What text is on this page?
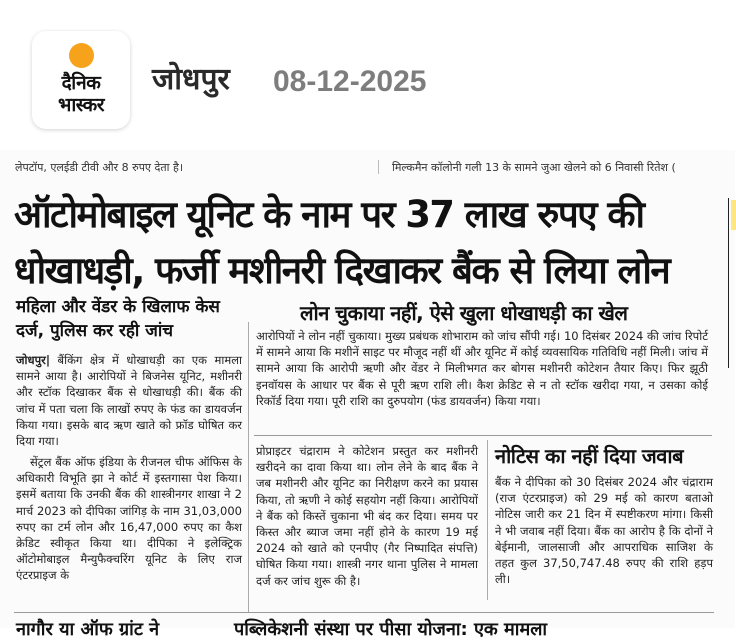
दैनिक
भास्कर
जोधपुर 08-12-2025
लेपटॉप, एलईडी टीवी और 8 रुपए देता है।	मिल्कमैन कॉलोनी गली 13 के सामने जुआ खेलने को 6 निवासी रितेश (
ऑटोमोबाइल यूनिट के नाम पर 37 लाख रुपए की
धोखाधड़ी, फर्जी मशीनरी दिखाकर बैंक से लिया लोन
महिला और वेंडर के खिलाफ केस दर्ज, पुलिस कर रही जांच
लोन चुकाया नहीं, ऐसे खुला धोखाधड़ी का खेल
जोधपुर| बैंकिंग क्षेत्र में धोखाधड़ी का एक मामला सामने आया है। आरोपियों ने बिजनेस यूनिट, मशीनरी और स्टॉक दिखाकर बैंक से धोखाधड़ी की। बैंक की जांच में पता चला कि लाखों रुपए के फंड का डायवर्जन किया गया। इसके बाद ऋण खाते को फ्रॉड घोषित कर दिया गया।
सेंट्रल बैंक ऑफ इंडिया के रीजनल चीफ ऑफिस के अधिकारी विभूति झा ने कोर्ट में इस्तगासा पेश किया। इसमें बताया कि उनकी बैंक की शास्त्रीनगर शाखा ने 2 मार्च 2023 को दीपिका जांगिड़ के नाम 31,03,000 रुपए का टर्म लोन और 16,47,000 रुपए का कैश क्रेडिट स्वीकृत किया था। दीपिका ने इलेक्ट्रिक ऑटोमोबाइल मैन्युफैक्चरिंग यूनिट के लिए राज एंटरप्राइज के
आरोपियों ने लोन नहीं चुकाया। मुख्य प्रबंधक शोभाराम को जांच सौंपी गई। 10 दिसंबर 2024 की जांच रिपोर्ट में सामने आया कि मशीनें साइट पर मौजूद नहीं थीं और यूनिट में कोई व्यवसायिक गतिविधि नहीं मिली। जांच में सामने आया कि आरोपी ऋणी और वेंडर ने मिलीभगत कर बोगस मशीनरी कोटेशन तैयार किए। फिर झूठी इनवॉयस के आधार पर बैंक से पूरी ऋण राशि ली। कैश क्रेडिट से न तो स्टॉक खरीदा गया, न उसका कोई रिकॉर्ड दिया गया। पूरी राशि का दुरुपयोग (फंड डायवर्जन) किया गया।
प्रोप्राइटर चंद्राराम ने कोटेशन प्रस्तुत कर मशीनरी खरीदने का दावा किया था। लोन लेने के बाद बैंक ने जब मशीनरी और यूनिट का निरीक्षण करने का प्रयास किया, तो ऋणी ने कोई सहयोग नहीं किया। आरोपियों ने बैंक को किस्तें चुकाना भी बंद कर दिया। समय पर किस्त और ब्याज जमा नहीं होने के कारण 19 मई 2024 को खाते को एनपीए (गैर निष्पादित संपत्ति) घोषित किया गया। शास्त्री नगर थाना पुलिस ने मामला दर्ज कर जांच शुरू की है।
नोटिस का नहीं दिया जवाब
बैंक ने दीपिका को 30 दिसंबर 2024 और चंद्राराम (राज एंटरप्राइज) को 29 मई को कारण बताओ नोटिस जारी कर 21 दिन में स्पष्टीकरण मांगा। किसी ने भी जवाब नहीं दिया। बैंक का आरोप है कि दोनों ने बेईमानी, जालसाजी और आपराधिक साजिश के तहत कुल 37,50,747.48 रुपए की राशि हड़प ली।
नागौर या ऑफ ग्रांट ने	पब्लिकेशनी संस्था पर पीसा योजना: एक मामला
